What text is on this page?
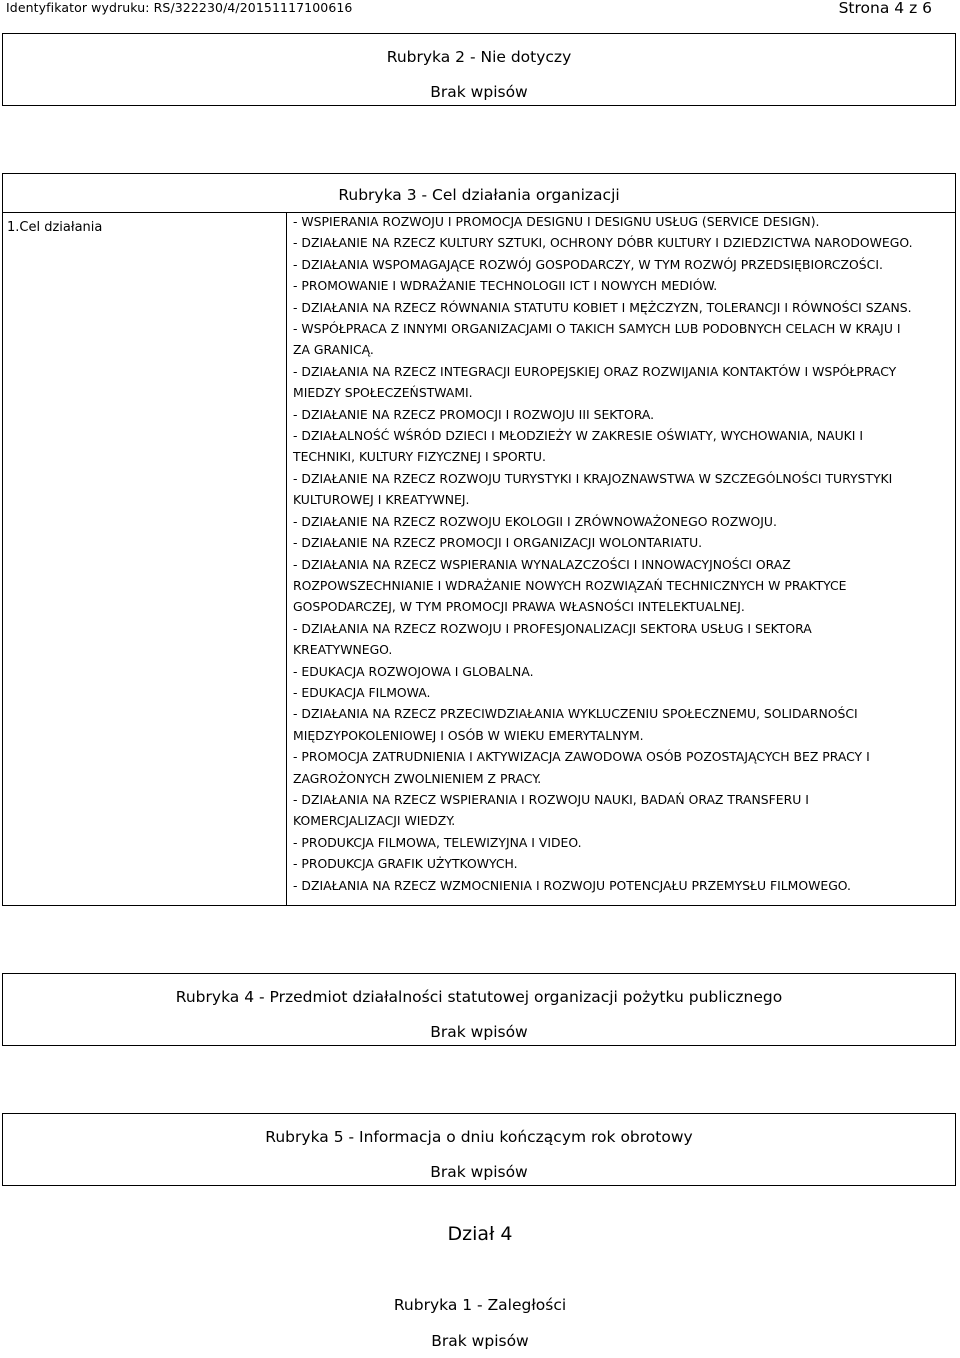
Identyfikator wydruku: RS/322230/4/20151117100616	Strona 4 z 6
Rubryka 2 - Nie dotyczy
Brak wpisów
Rubryka 3 - Cel działania organizacji
1.Cel działania	- WSPIERANIA ROZWOJU I PROMOCJA DESIGNU I DESIGNU USŁUG (SERVICE DESIGN).
- DZIAŁANIE NA RZECZ KULTURY SZTUKI, OCHRONY DÓBR KULTURY I DZIEDZICTWA NARODOWEGO.
- DZIAŁANIA WSPOMAGAJĄCE ROZWÓJ GOSPODARCZY, W TYM ROZWÓJ PRZEDSIĘBIORCZOŚCI.
- PROMOWANIE I WDRAŻANIE TECHNOLOGII ICT I NOWYCH MEDIÓW.
- DZIAŁANIA NA RZECZ RÓWNANIA STATUTU KOBIET I MĘŻCZYZN, TOLERANCJI I RÓWNOŚCI SZANS.
- WSPÓŁPRACA Z INNYMI ORGANIZACJAMI O TAKICH SAMYCH LUB PODOBNYCH CELACH W KRAJU I
ZA GRANICĄ.
- DZIAŁANIA NA RZECZ INTEGRACJI EUROPEJSKIEJ ORAZ ROZWIJANIA KONTAKTÓW I WSPÓŁPRACY
MIEDZY SPOŁECZEŃSTWAMI.
- DZIAŁANIE NA RZECZ PROMOCJI I ROZWOJU III SEKTORA.
- DZIAŁALNOŚĆ WŚRÓD DZIECI I MŁODZIEŻY W ZAKRESIE OŚWIATY, WYCHOWANIA, NAUKI I
TECHNIKI, KULTURY FIZYCZNEJ I SPORTU.
- DZIAŁANIE NA RZECZ ROZWOJU TURYSTYKI I KRAJOZNAWSTWA W SZCZEGÓLNOŚCI TURYSTYKI
KULTUROWEJ I KREATYWNEJ.
- DZIAŁANIE NA RZECZ ROZWOJU EKOLOGII I ZRÓWNOWAŻONEGO ROZWOJU.
- DZIAŁANIE NA RZECZ PROMOCJI I ORGANIZACJI WOLONTARIATU.
- DZIAŁANIA NA RZECZ WSPIERANIA WYNALAZCZOŚCI I INNOWACYJNOŚCI ORAZ
ROZPOWSZECHNIANIE I WDRAŻANIE NOWYCH ROZWIĄZAŃ TECHNICZNYCH W PRAKTYCE
GOSPODARCZEJ, W TYM PROMOCJI PRAWA WŁASNOŚCI INTELEKTUALNEJ.
- DZIAŁANIA NA RZECZ ROZWOJU I PROFESJONALIZACJI SEKTORA USŁUG I SEKTORA
KREATYWNEGO.
- EDUKACJA ROZWOJOWA I GLOBALNA.
- EDUKACJA FILMOWA.
- DZIAŁANIA NA RZECZ PRZECIWDZIAŁANIA WYKLUCZENIU SPOŁECZNEMU, SOLIDARNOŚCI
MIĘDZYPOKOLENIOWEJ I OSÓB W WIEKU EMERYTALNYM.
- PROMOCJA ZATRUDNIENIA I AKTYWIZACJA ZAWODOWA OSÓB POZOSTAJĄCYCH BEZ PRACY I
ZAGROŻONYCH ZWOLNIENIEM Z PRACY.
- DZIAŁANIA NA RZECZ WSPIERANIA I ROZWOJU NAUKI, BADAŃ ORAZ TRANSFERU I
KOMERCJALIZACJI WIEDZY.
- PRODUKCJA FILMOWA, TELEWIZYJNA I VIDEO.
- PRODUKCJA GRAFIK UŻYTKOWYCH.
- DZIAŁANIA NA RZECZ WZMOCNIENIA I ROZWOJU POTENCJAŁU PRZEMYSŁU FILMOWEGO.
Rubryka 4 - Przedmiot działalności statutowej organizacji pożytku publicznego
Brak wpisów
Rubryka 5 - Informacja o dniu kończącym rok obrotowy
Brak wpisów
Dział 4
Rubryka 1 - Zaległości
Brak wpisów
